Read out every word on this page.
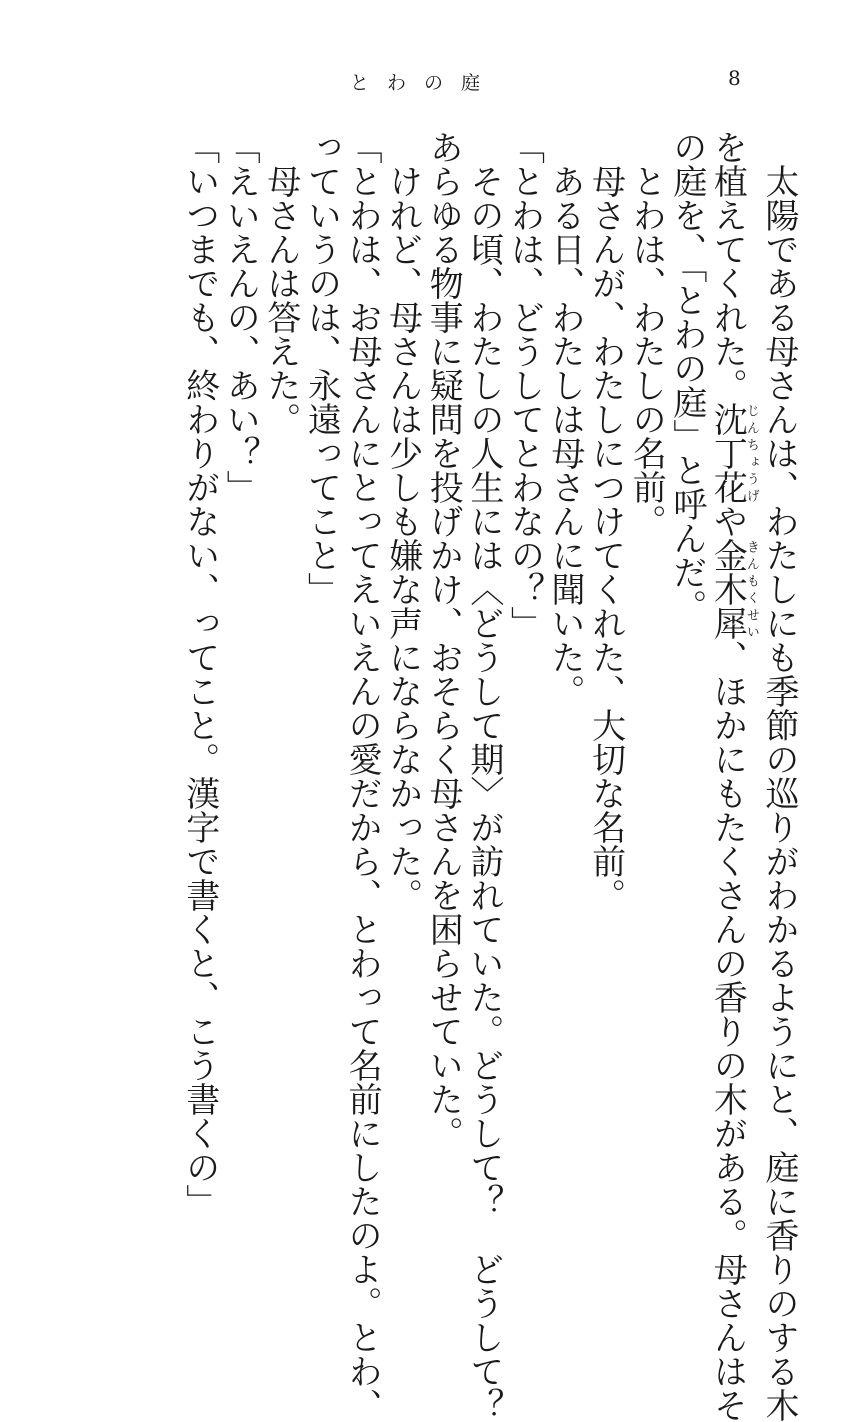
とわの庭	8

太陽である母さんは、わたしにも季節の巡りがわかるようにと、庭に香りのする木

を植えてくれた。沈丁花じんちょうげや金木犀きんもくせい、ほかにもたくさんの香りの木がある。母さんはそ

の庭を、「とわの庭」と呼んだ。

とわは、わたしの名前。

母さんが、わたしにつけてくれた、大切な名前。

ある日、わたしは母さんに聞いた。

「とわは、どうしてとわなの？」

その頃、わたしの人生には〈どうして期〉が訪れていた。どうして？　どうして？

あらゆる物事に疑問を投げかけ、おそらく母さんを困らせていた。

けれど、母さんは少しも嫌な声にならなかった。

「とわは、お母さんにとってえいえんの愛だから、とわって名前にしたのよ。とわ、

っていうのは、永遠ってこと」

母さんは答えた。

「えいえんの、あい？」

「いつまでも、終わりがない、ってこと。漢字で書くと、こう書くの」
